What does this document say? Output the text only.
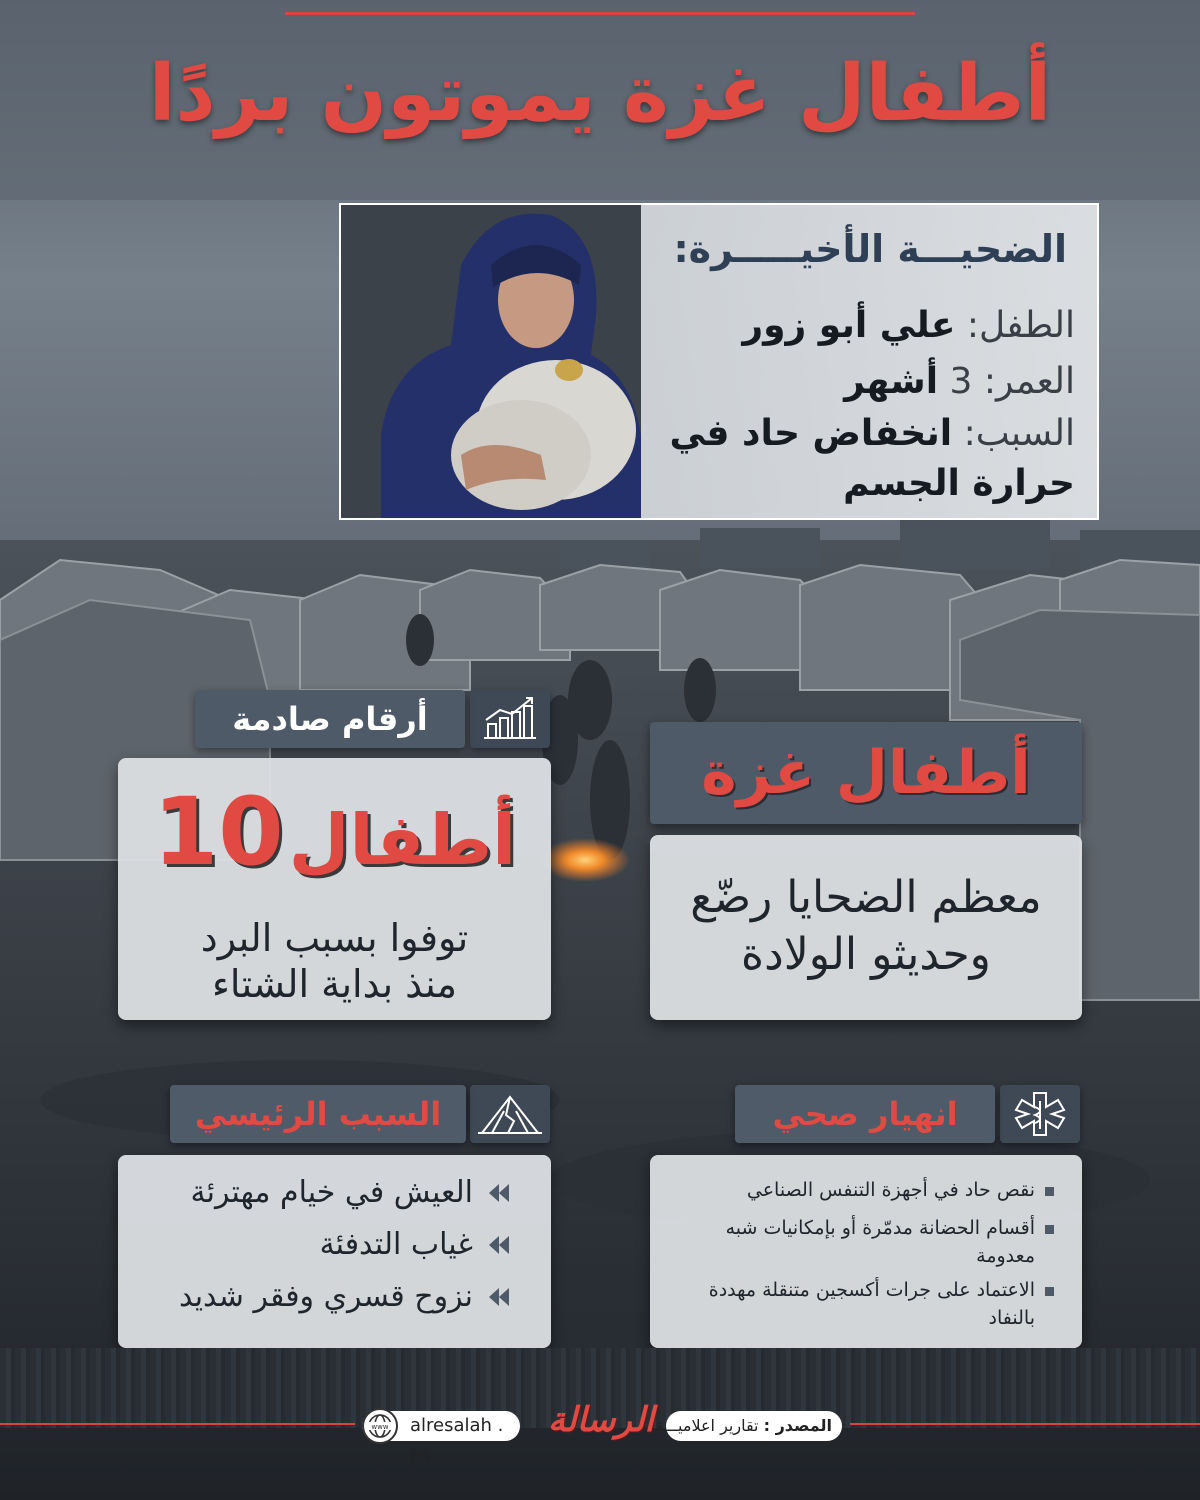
أطفال غزة يموتون بردًا
الضحيـــة الأخيـــــرة:
الطفل: علي أبو زور
العمر: 3 أشهر
السبب: انخفاض حاد في
حرارة الجسم
أرقام صادمة
10 أطفال
توفوا بسبب البرد
منذ بداية الشتاء
أطفال غزة
معظم الضحايا رضّع
وحديثو الولادة
السبب الرئيسي
العيش في خيام مهترئة
غياب التدفئة
نزوح قسري وفقر شديد
انهيار صحي
نقص حاد في أجهزة التنفس الصناعي
أقسام الحضانة مدمّرة أو بإمكانيات شبه معدومة
الاعتماد على جرات أكسجين متنقلة مهددة بالنفاد
alresalah . ps
www	الرسالة	المصدر : تقارير اعلاميـــة
